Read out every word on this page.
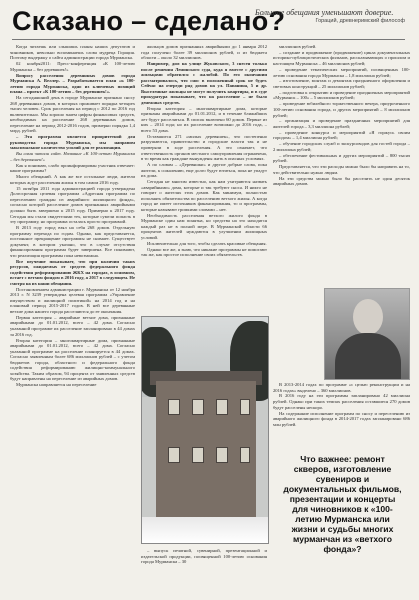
Сказано – сделано?
Большие обещания уменьшают доверие.
Гораций, древнеримский философ

Когда читаешь или слышишь планы наших депутатов и чиновников, невольно вспоминаешь слова мудреца Горация. Поэтому выдержку о сайта администрации города Мурманска.

02 ноября2011: Пресс-конференция «К 100-летию Мурманска – без деревяшек!»

Вопросу расселения деревянных домов города Мурманска А. Веллер. – Разрабатывается план «к 100-летию города Мурманска, одно из ключевых позиций плана – проект «К 100-летию – без деревяшек!».

На сегодняшний день в городе Мурманске признано сносу 268 деревянных домов, в которых проживает порядка четырех тысяч человек. Срок расселения на период с 2012 по 2016 год включительно. Мы хорошо знаем цифры финансовых средств, необходимых на расселение 268 деревянных домов, переселение на период 2012-2016 годов, примерно порядка 1,4 млрд. рублей.

– Эта программа является приоритетной для руководства города Мурманска, мы направим максимальное количество усилий для ее реализации.

Вы сами читали сайт. Название «К 100-летию Мурманска – без деревяшек!»

Как я понимаю, слабо проинформирован участник отвечает: какие программы?

Много обещаний. А как же все остальные люди, жители которых ждут расселения жилья в том самом 2016 году.

15 октября 2011 года администрацией города утверждена Долгосрочная целевая программа «Адресная программа по переселению граждан из аварийного жилищного фонда», согласно которой расселение домов признанных аварийными должно быть завершено к 2015 году. Примерно к 2017 году. Сегодня мы стали свидетелями тех, которые сумели попасть в эту программу, но программа осталась просто программой.

В 2013 году город взял на себя 268 домов. Отдельную программу перехода по годам. Однако, как представляется, постоянное прекращение программы не снимает. Существует документ, в котором указано, что в случае отсутствия финансирования программа будет завершена. Все понимают, что реализация программы пока невозможна.

Все изучение показывает, что при наличии таких ресурсов, ожидаемых от средств федерального фонда содействия реформированию ЖКХ на городах, в основном, встает с ветхим фондом в 2016 году, а 2017 в следующем. Не смотря на их наши обещания.

Постановлением администрации г. Мурманска от 12 ноября 2013 г. N 3239 утверждена целевая программа «Управление имуществом и жилищной политикой» на 2014 год и на плановый период 2015-2017 годов. В ней все деревянные ветхие дома нашего города расселяются до ее окончания.

Первая категория – аварийные ветхие дома, признанные аварийными до 01.01.2012, всего – 42 дома. Согласно указанной программе их расселение запланировано в 44 домах за 2016 год.

Вторая категория – многоквартирные дома, признанные аварийными до 01.01.2012, всего – 42 дома. Согласно указанной программе на расселение планируется в 44 домах. Согласно заявленным более 686 миллионов рублей – с учетом бюджетов города, областного и федерального фонда содействия реформированию жилищно-коммунального хозяйства. Таким образом, 94 процента от заявленных средств будут направлены на переселение из аварийных домов.

Мурманска направляется на переселение

жильцов домов признанных аварийными до 1 января 2012 года получено более 39 миллионов рублей, и из бюджета области – около 32 миллионов.

Например, дом на улице Жуковского, 3 снесен только после решения Ленинского суда, куда я вместе с другими жильцами обратился с жалобой. По его окончании рассматривалось, что снос в положенный срок не будет. Сейчас на очереди ряд домов на ул. Папанина, 5 и др. Выселенные жильцы не могут получить квартиры, и в суде прокуратура показывает, что на расселение – не было денежных средств.

Вторая категория – многоквартирные дома, которые признаны аварийными до 01.01.2012, и в течение ближайших лет будут расселяться. В список включено 60 домов. Первые из них – 2014 года; но их расселение возможно до 2016 года, – всего 53 дома.

Оставшиеся 271 «милых деревяшек», что постепенно разрушаются, правительство и городские власти так и не проверяли в ходе расселения. А это означает, что ответственность органов местного самоуправления ограничена, в то время как граждане вынуждены жить в опасных условиях.

А по словам – «Деревяшки» и другие добрые слова, пока жители, к сожалению, еще долго будут ютиться, пока не упадут их дома.

Сегодня не многим известно, как нам ухитряются назвать «аварийными» дома, которые и так требуют сноса. И никто не говорит о жителях этих домов. Как минимум, полностью исполнять обязательства по расселению ветхого жилья. А когда город не имеет источников финансирования, то и программы, которые называют громкими словами – нет.

Необходимость расселения ветхого жилого фонда в Мурманске один нам понятна, но средства на это находятся каждый раз не в полной мере. В Мурманской области 66 процентов жителей нуждаются в улучшении жилищных условий.

Исключительно для того, чтобы сделать красивые обещания.

Однако все же, я знаю, что никакие программы не помогают так же, как простое исполнение своих обязательств.

миллионов рублей.

– создание и продвижение (продвижение) цикла документальных историко-публицистических фильмов, рассказывающих о прошлом и настоящем Мурманска – 46 миллионов рублей;

– проведение тематических мероприятий, посвященных 100-летию основания города Мурманска – 1,8 миллиона рублей;

– изготовление, монтаж и демонтаж праздничного оформления и световых конструкций – 25 миллионов рублей;

– подготовка к открытию и проведение праздничных мероприятий «Мурманск – 100» – 5 миллионов рублей;

– проведение юбилейного торжественного вечера, приуроченного 100-летию основания города, и других мероприятий – 8 миллионов рублей;

– организация и проведение праздничных мероприятий для жителей города – 3,3 миллиона рублей;

– проведение конкурса и мероприятий «Я горжусь своим городом» – 1,4 миллиона рублей;

– обучение городских служб и экскурсоводов для гостей города – 2 миллиона рублей;

– обеспечение фестивальных и других мероприятий – 800 тысяч рублей.

Представляется, что эти расходы можно было бы направить на то, что действительно нужно людям.

На эти средства можно было бы расселить не один десяток аварийных домов.

– выпуск печатной, сувенирной, презентационной и издательской продукции, посвященной 100-летию основания города Мурманска – 30

В 2013-2014 годах по программе «с целью реконструкции и на 2016 годах» выделено – 360 миллионов.

В 2016 году на эти программы запланировано 42 миллиона рублей. Однако при таких темпах расселения оставшиеся 270 домов будут расселены нескоро.

На содержание исполнение программ по сносу и переселению из аварийного жилищного фонда в 2014-2017 годах запланировано 686 млн рублей.

Что важнее: ремонт скверов, изготовление сувениров и документальных фильмов, презентации и концерты для чиновников к «100-летию Мурманска или жизни и судьбы многих мурманчан из «ветхого фонда»?
